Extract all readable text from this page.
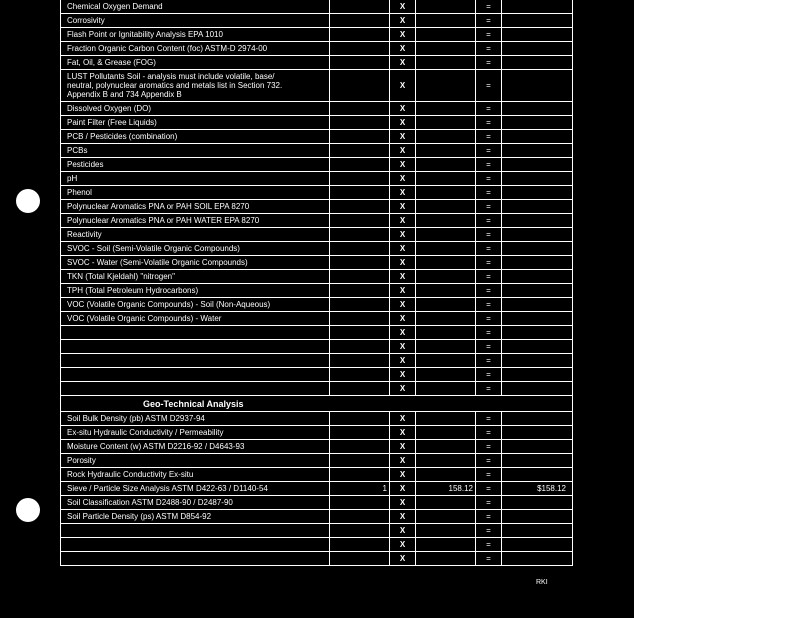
Chemical Oxygen Demand	X	=
Corrosivity	X	=
Flash Point or Ignitability Analysis EPA 1010	X	=
Fraction Organic Carbon Content (foc) ASTM-D 2974-00	X	=
Fat, Oil, & Grease (FOG)	X	=
LUST Pollutants Soil - analysis must include volatile, base/
neutral, polynuclear aromatics and metals list in Section 732.
Appendix B and 734 Appendix B
X	=
Dissolved Oxygen (DO)	X	=
Paint Filter (Free Liquids)	X	=
PCB / Pesticides (combination)	X	=
PCBs	X	=
Pesticides	X	=
pH	X	=
Phenol	X	=
Polynuclear Aromatics PNA or PAH SOIL EPA 8270	X	=
Polynuclear Aromatics PNA or PAH WATER EPA 8270	X	=
Reactivity	X	=
SVOC - Soil (Semi-Volatile Organic Compounds)	X	=
SVOC - Water (Semi-Volatile Organic Compounds)	X	=
TKN (Total Kjeldahl) "nitrogen"	X	=
TPH (Total Petroleum Hydrocarbons)	X	=
VOC (Volatile Organic Compounds) - Soil (Non-Aqueous)	X	=
VOC (Volatile Organic Compounds) - Water	X	=
X	=
X	=
X	=
X	=
X	=
Geo-Technical Analysis
Soil Bulk Density (pb) ASTM D2937-94	X	=
Ex-situ Hydraulic Conductivity / Permeability	X	=
Moisture Content (w) ASTM D2216-92 / D4643-93	X	=
Porosity	X	=
Rock Hydraulic Conductivity Ex-situ	X	=
Sieve / Particle Size Analysis ASTM D422-63 / D1140-54	1	X	158.12	=	$158.12
Soil Classification ASTM D2488-90 / D2487-90	X	=
Soil Particle Density (ps) ASTM D854-92	X	=
X	=
X	=
X	=
RKI
